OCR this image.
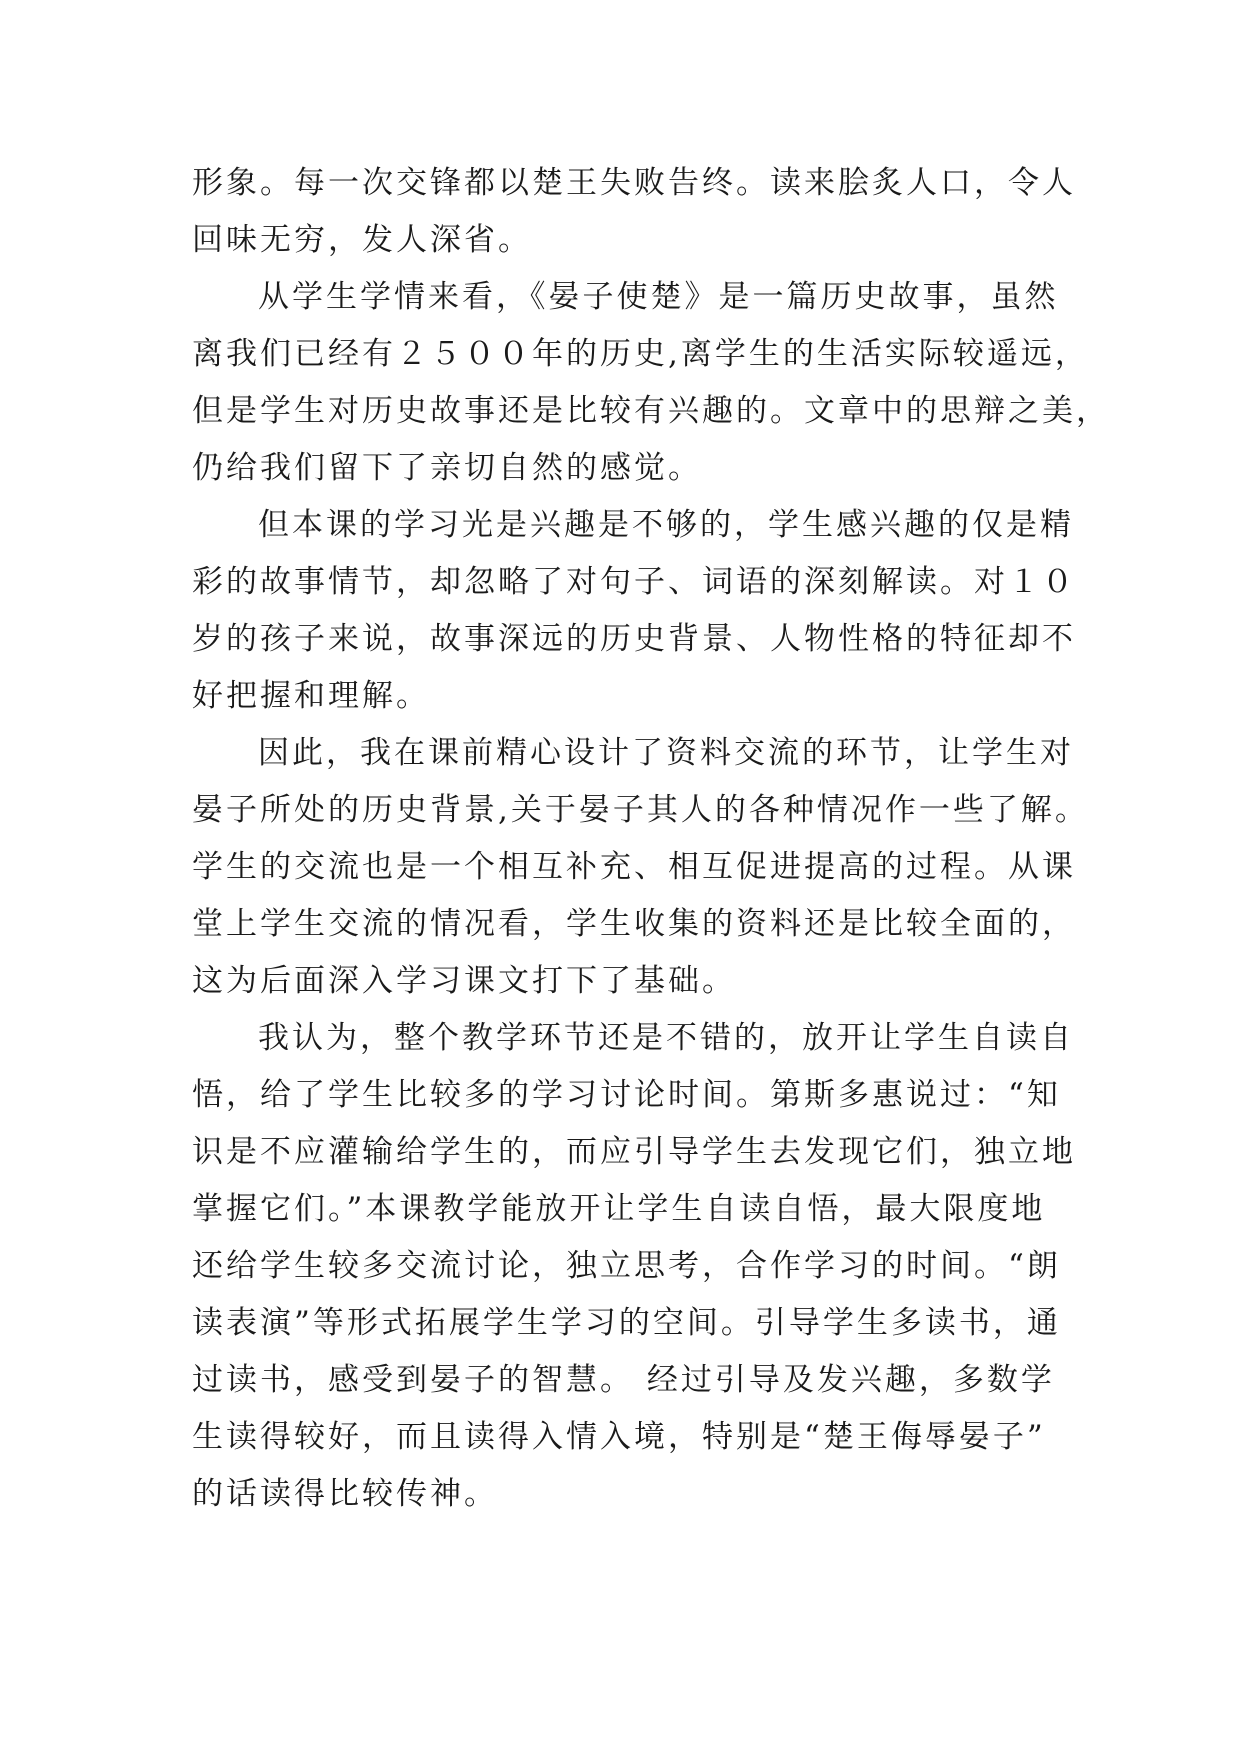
形象。每一次交锋都以楚王失败告终。读来脍炙人口，令人
回味无穷，发人深省。

从学生学情来看，《晏子使楚》是一篇历史故事，虽然
离我们已经有２５００年的历史,离学生的生活实际较遥远，
但是学生对历史故事还是比较有兴趣的。文章中的思辩之美，
仍给我们留下了亲切自然的感觉。

但本课的学习光是兴趣是不够的，学生感兴趣的仅是精
彩的故事情节，却忽略了对句子、词语的深刻解读。对１０
岁的孩子来说，故事深远的历史背景、人物性格的特征却不
好把握和理解。

因此，我在课前精心设计了资料交流的环节，让学生对
晏子所处的历史背景,关于晏子其人的各种情况作一些了解。
学生的交流也是一个相互补充、相互促进提高的过程。从课
堂上学生交流的情况看，学生收集的资料还是比较全面的，
这为后面深入学习课文打下了基础。

我认为，整个教学环节还是不错的，放开让学生自读自
悟，给了学生比较多的学习讨论时间。第斯多惠说过：“知
识是不应灌输给学生的，而应引导学生去发现它们，独立地
掌握它们。”本课教学能放开让学生自读自悟，最大限度地
还给学生较多交流讨论，独立思考，合作学习的时间。“朗
读表演”等形式拓展学生学习的空间。引导学生多读书，通
过读书，感受到晏子的智慧。 经过引导及发兴趣，多数学
生读得较好，而且读得入情入境，特别是“楚王侮辱晏子”
的话读得比较传神。
